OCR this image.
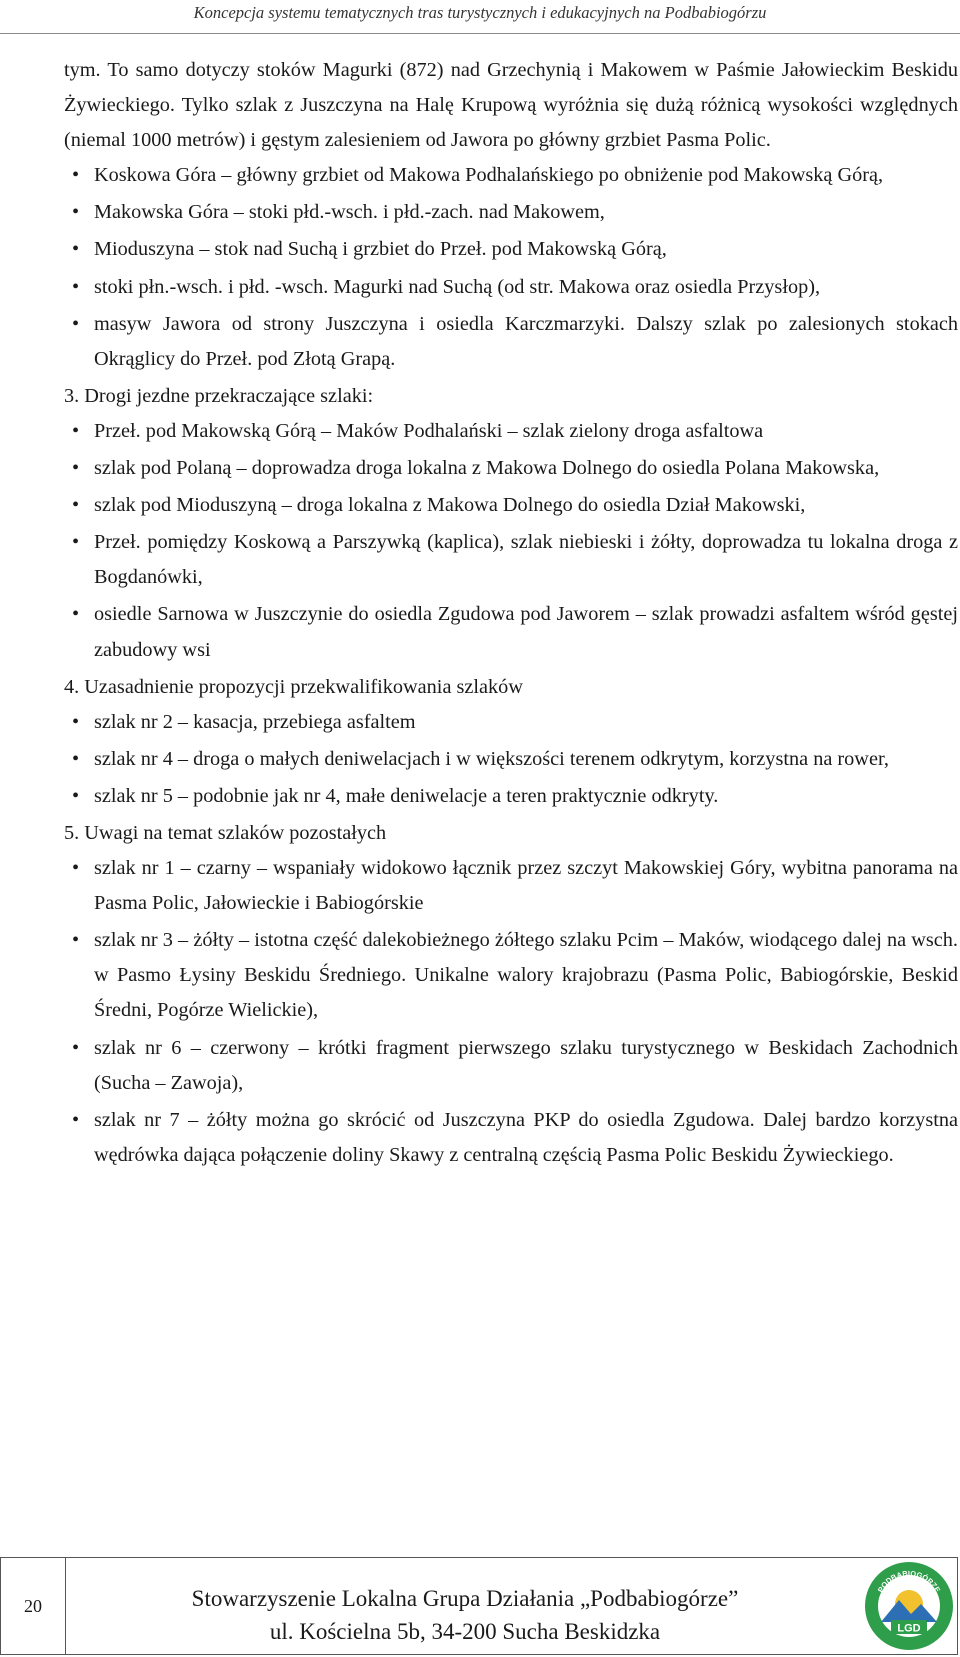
Koncepcja systemu tematycznych tras turystycznych i edukacyjnych na Podbabiogórzu

tym. To samo dotyczy stoków Magurki (872) nad Grzechynią i Makowem w Paśmie Jałowieckim Beskidu Żywieckiego. Tylko szlak z Juszczyna na Halę Krupową wyróżnia się dużą różnicą wysokości względnych (niemal 1000 metrów) i gęstym zalesieniem od Jawora po główny grzbiet Pasma Polic.

• Koskowa Góra – główny grzbiet od Makowa Podhalańskiego po obniżenie pod Makowską Górą,
• Makowska Góra – stoki płd.-wsch. i płd.-zach. nad Makowem,
• Mioduszyna – stok nad Suchą i grzbiet do Przeł. pod Makowską Górą,
• stoki płn.-wsch. i płd. -wsch. Magurki nad Suchą (od str. Makowa oraz osiedla Przysłop),
• masyw Jawora od strony Juszczyna i osiedla Karczmarzyki. Dalszy szlak po zalesionych stokach Okrąglicy do Przeł. pod Złotą Grapą.

3. Drogi jezdne przekraczające szlaki:

• Przeł. pod Makowską Górą – Maków Podhalański – szlak zielony droga asfaltowa
• szlak pod Polaną – doprowadza droga lokalna z Makowa Dolnego do osiedla Polana Makowska,
• szlak pod Mioduszyną – droga lokalna z Makowa Dolnego do osiedla Dział Makowski,
• Przeł. pomiędzy Koskową a Parszywką (kaplica), szlak niebieski i żółty, doprowadza tu lokalna droga z Bogdanówki,
• osiedle Sarnowa w Juszczynie do osiedla Zgudowa pod Jaworem – szlak prowadzi asfaltem wśród gęstej zabudowy wsi

4. Uzasadnienie propozycji przekwalifikowania szlaków

• szlak nr 2 – kasacja, przebiega asfaltem
• szlak nr 4 – droga o małych deniwelacjach i w większości terenem odkrytym, korzystna na rower,
• szlak nr 5 – podobnie jak nr 4, małe deniwelacje a teren praktycznie odkryty.

5. Uwagi na temat szlaków pozostałych

• szlak nr 1 – czarny – wspaniały widokowo łącznik przez szczyt Makowskiej Góry, wybitna panorama na Pasma Polic, Jałowieckie i Babiogórskie
• szlak nr 3 – żółty – istotna część dalekobieżnego żółtego szlaku Pcim – Maków, wiodącego dalej na wsch. w Pasmo Łysiny Beskidu Średniego. Unikalne walory krajobrazu (Pasma Polic, Babiogórskie, Beskid Średni, Pogórze Wielickie),
• szlak nr 6 – czerwony – krótki fragment pierwszego szlaku turystycznego w Beskidach Zachodnich (Sucha – Zawoja),
• szlak nr 7 – żółty można go skrócić od Juszczyna PKP do osiedla Zgudowa. Dalej bardzo korzystna wędrówka dająca połączenie doliny Skawy z centralną częścią Pasma Polic Beskidu Żywieckiego.
20	Stowarzyszenie Lokalna Grupa Działania „Podbabiogórze”
ul. Kościelna 5b, 34-200 Sucha Beskidzka	LGD
PODBABIOGÓRZE
